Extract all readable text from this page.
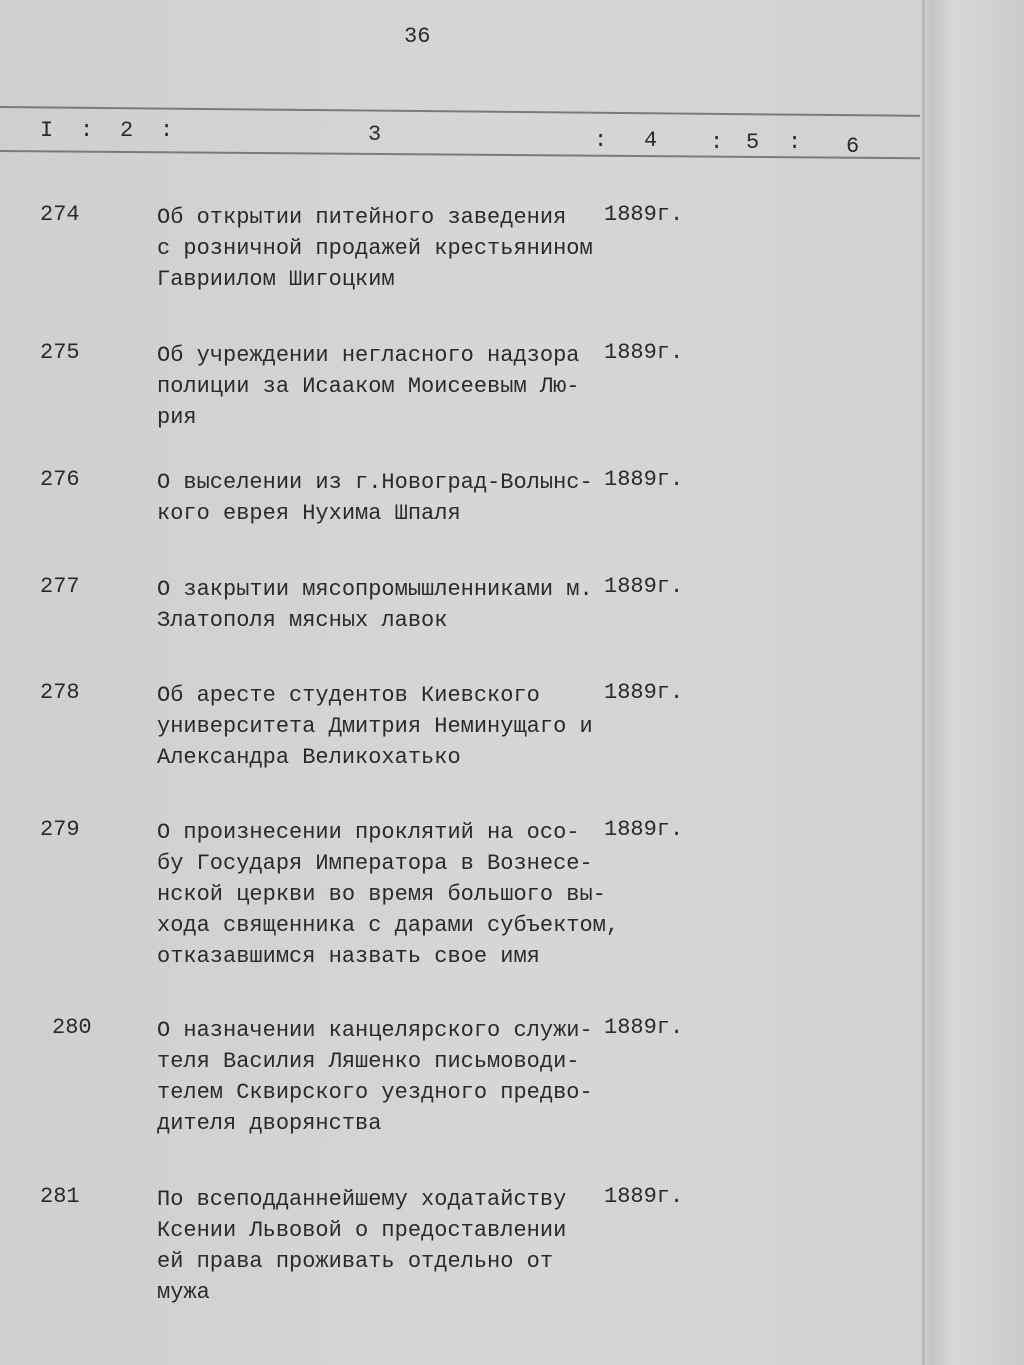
36
I : 2 :	3	: 4 : 5 : 6
274	Об открытии питейного заведения
с розничной продажей крестьянином
Гавриилом Шигоцким
1889г.
275	Об учреждении негласного надзора
полиции за Исааком Моисеевым Лю-
рия
1889г.
276	О выселении из г.Новоград-Волынс-
кого еврея Нухима Шпаля
1889г.
277	О закрытии мясопромышленниками м.
Златополя мясных лавок
1889г.
278	Об аресте студентов Киевского
университета Дмитрия Неминущаго и
Александра Великохатько
1889г.
279	О произнесении проклятий на осо-
бу Государя Императора в Вознесе-
нской церкви во время большого вы-
хода священника с дарами субъектом,
отказавшимся назвать свое имя
1889г.
280	О назначении канцелярского служи-
теля Василия Ляшенко письмоводи-
телем Сквирского уездного предво-
дителя дворянства
1889г.
281	По всеподданнейшему ходатайству
Ксении Львовой о предоставлении
ей права проживать отдельно от
мужа
1889г.
